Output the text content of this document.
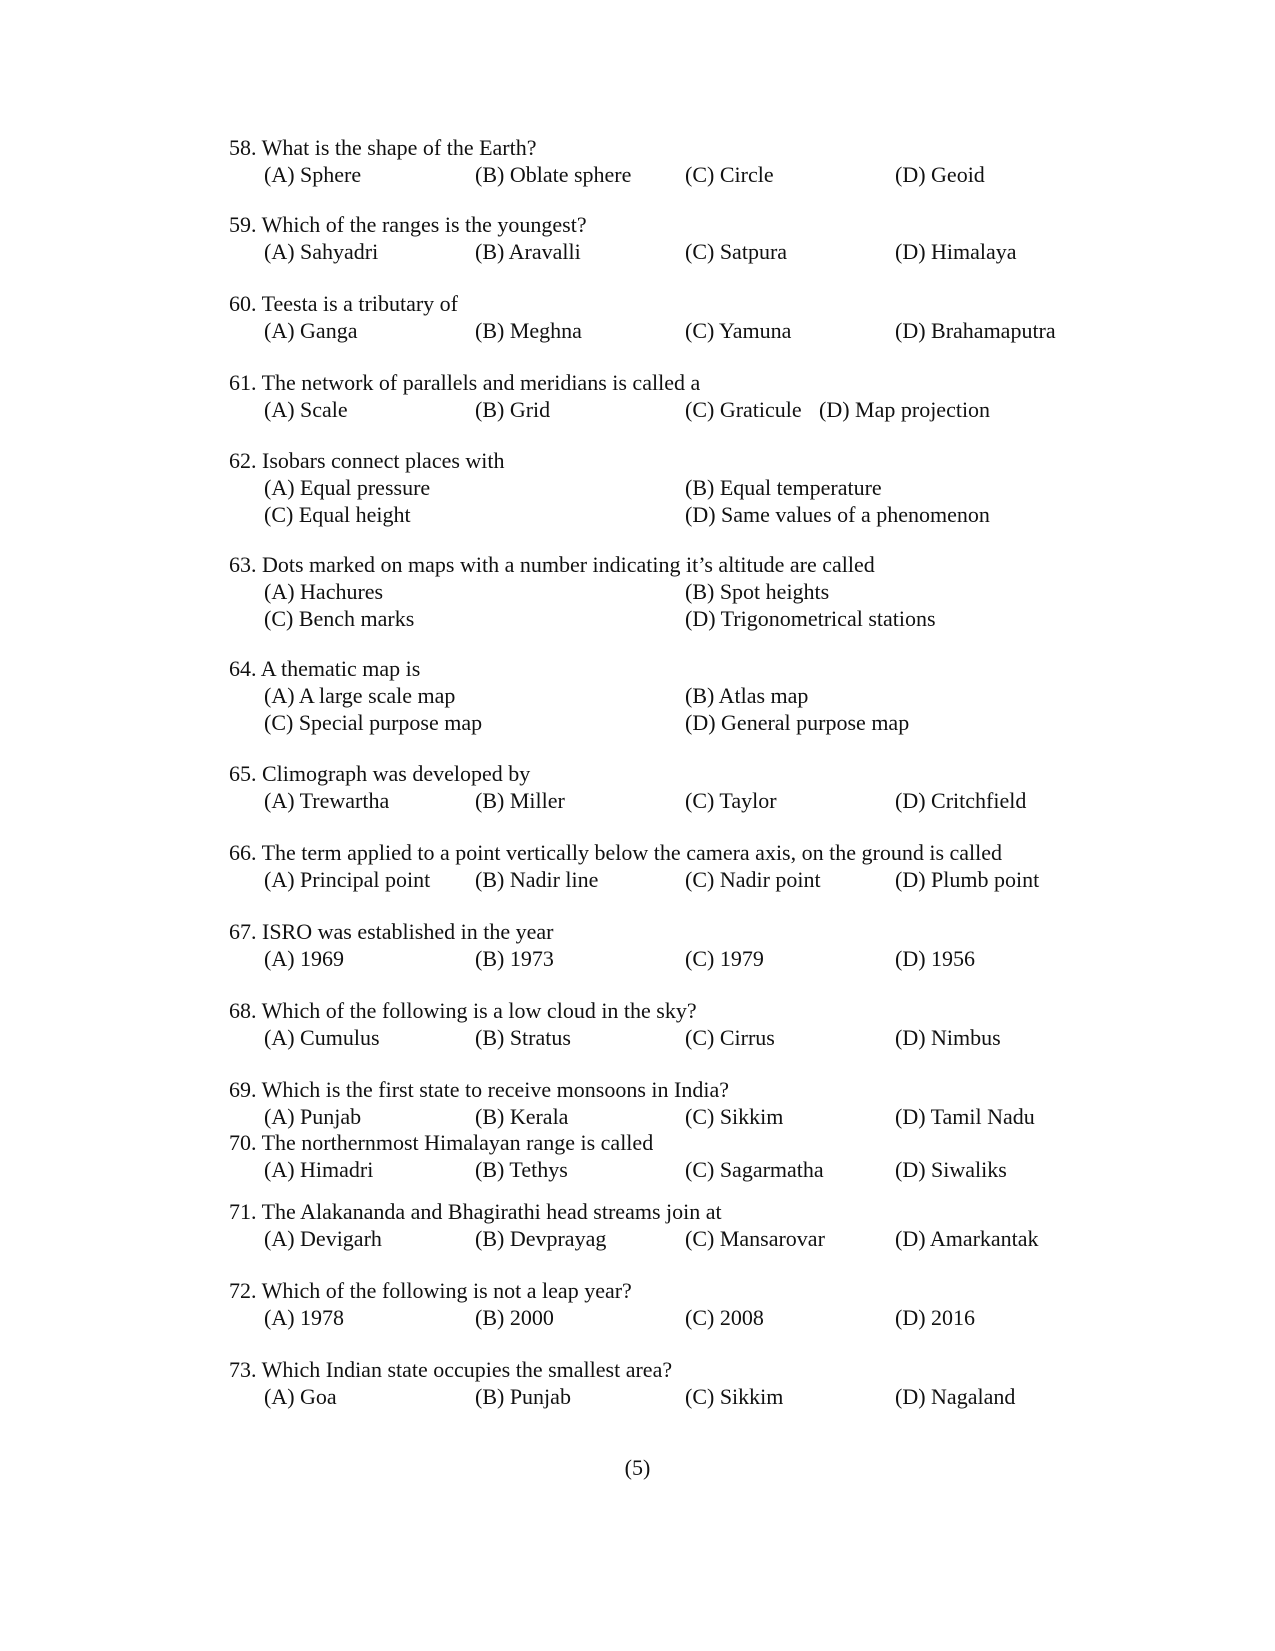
58. What is the shape of the Earth?
(A) Sphere	(B) Oblate sphere (C) Circle	(D) Geoid
59. Which of the ranges is the youngest?
(A) Sahyadri	(B) Aravalli	(C) Satpura	(D) Himalaya
60. Teesta is a tributary of
(A) Ganga	(B) Meghna	(C) Yamuna	(D) Brahamaputra
61. The network of parallels and meridians is called a
(A) Scale	(B) Grid	(C) Graticule (D) Map projection
62. Isobars connect places with
(A) Equal pressure	(B) Equal temperature
(C) Equal height	(D) Same values of a phenomenon
63. Dots marked on maps with a number indicating it’s altitude are called
(A) Hachures	(B) Spot heights
(C) Bench marks	(D) Trigonometrical stations
64. A thematic map is
(A) A large scale map	(B) Atlas map
(C) Special purpose map	(D) General purpose map
65. Climograph was developed by
(A) Trewartha	(B) Miller	(C) Taylor	(D) Critchfield
66. The term applied to a point vertically below the camera axis, on the ground is called
(A) Principal point (B) Nadir line	(C) Nadir point	(D) Plumb point
67. ISRO was established in the year
(A) 1969	(B) 1973	(C) 1979	(D) 1956
68. Which of the following is a low cloud in the sky?
(A) Cumulus	(B) Stratus	(C) Cirrus	(D) Nimbus
69. Which is the first state to receive monsoons in India?
(A) Punjab	(B) Kerala	(C) Sikkim	(D) Tamil Nadu
70. The northernmost Himalayan range is called
(A) Himadri	(B) Tethys	(C) Sagarmatha	(D) Siwaliks
71. The Alakananda and Bhagirathi head streams join at
(A) Devigarh	(B) Devprayag	(C) Mansarovar	(D) Amarkantak
72. Which of the following is not a leap year?
(A) 1978	(B) 2000	(C) 2008	(D) 2016
73. Which Indian state occupies the smallest area?
(A) Goa	(B) Punjab	(C) Sikkim	(D) Nagaland
(5)
